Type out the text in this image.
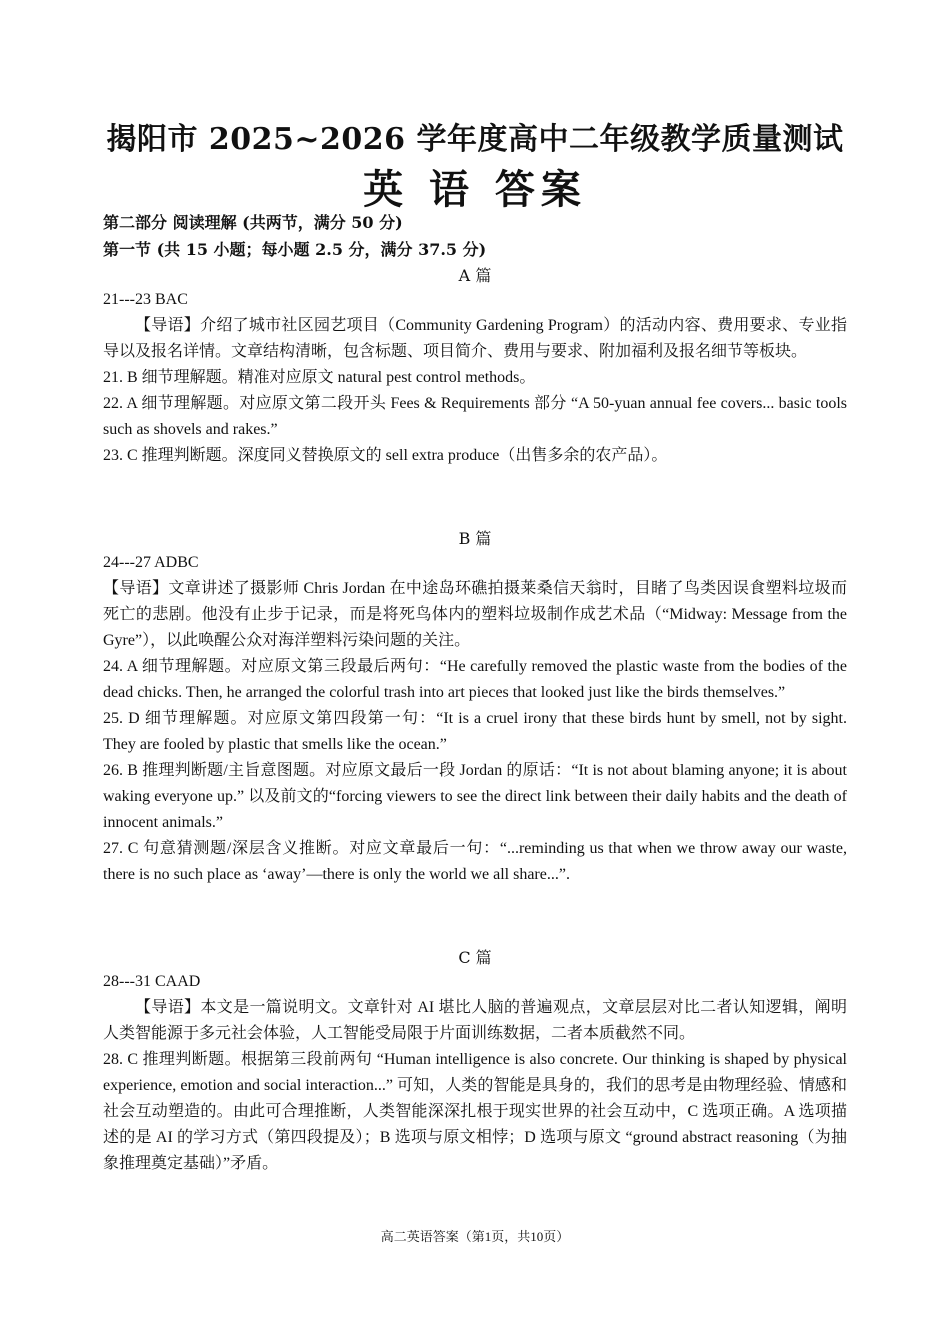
揭阳市 2025~2026 学年度高中二年级教学质量测试
英 语 答案
第二部分 阅读理解 (共两节，满分 50 分)
第一节 (共 15 小题；每小题 2.5 分，满分 37.5 分)
A 篇

21---23 BAC

【导语】介绍了城市社区园艺项目（Community Gardening Program）的活动内容、费用要求、专业指导以及报名详情。文章结构清晰，包含标题、项目简介、费用与要求、附加福利及报名细节等板块。

21. B 细节理解题。精准对应原文 natural pest control methods。

22. A 细节理解题。对应原文第二段开头 Fees & Requirements 部分 “A 50-yuan annual fee covers... basic tools such as shovels and rakes.”

23. C 推理判断题。深度同义替换原文的 sell extra produce（出售多余的农产品）。

B 篇

24---27 ADBC

【导语】文章讲述了摄影师 Chris Jordan 在中途岛环礁拍摄莱桑信天翁时，目睹了鸟类因误食塑料垃圾而死亡的悲剧。他没有止步于记录，而是将死鸟体内的塑料垃圾制作成艺术品（“Midway: Message from the Gyre”），以此唤醒公众对海洋塑料污染问题的关注。

24. A 细节理解题。对应原文第三段最后两句：“He carefully removed the plastic waste from the bodies of the dead chicks. Then, he arranged the colorful trash into art pieces that looked just like the birds themselves.”

25. D 细节理解题。对应原文第四段第一句：“It is a cruel irony that these birds hunt by smell, not by sight. They are fooled by plastic that smells like the ocean.”

26. B 推理判断题/主旨意图题。对应原文最后一段 Jordan 的原话：“It is not about blaming anyone; it is about waking everyone up.” 以及前文的“forcing viewers to see the direct link between their daily habits and the death of innocent animals.”

27. C 句意猜测题/深层含义推断。对应文章最后一句：“...reminding us that when we throw away our waste, there is no such place as ‘away’—there is only the world we all share...”.

C 篇

28---31 CAAD

【导语】本文是一篇说明文。文章针对 AI 堪比人脑的普遍观点，文章层层对比二者认知逻辑，阐明人类智能源于多元社会体验，人工智能受局限于片面训练数据，二者本质截然不同。

28. C 推理判断题。根据第三段前两句 “Human intelligence is also concrete. Our thinking is shaped by physical experience, emotion and social interaction...” 可知，人类的智能是具身的，我们的思考是由物理经验、情感和社会互动塑造的。由此可合理推断，人类智能深深扎根于现实世界的社会互动中，C 选项正确。A 选项描述的是 AI 的学习方式（第四段提及）；B 选项与原文相悖；D 选项与原文 “ground abstract reasoning（为抽象推理奠定基础）”矛盾。

高二英语答案（第1页，共10页）
